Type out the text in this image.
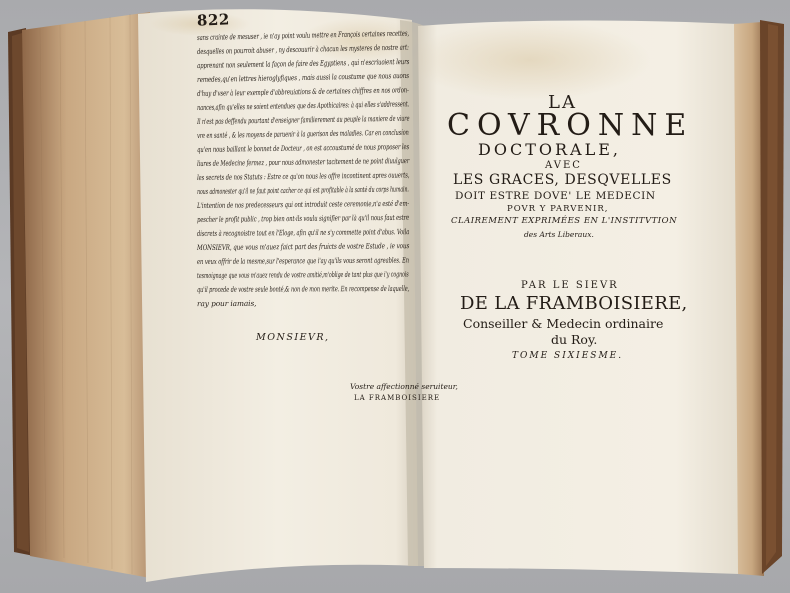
822
sans crainte de mesuser , ie n'ay point voulu mettre en François certaines recettes,
desquelles on pourroit abuser , ny descouurir à chacun les mysteres de nostre art:
apprenant non seulement la façon de faire des Egyptiens , qui n'escriuoient leurs
remedes,qu'en lettres hieroglyfiques , mais aussi la coustume que nous auons
d'huy d'vser à leur exemple d'abbreuiations & de certaines chiffres en nos ordon-
nances,afin qu'elles ne soient entendues que des Apothicaires: à qui elles s'addressent.
Il n'est pas deffendu pourtant d'enseigner familierement au peuple la maniere de viure
vre en santé , & les moyens de paruenir à la guerison des maladies. Car en conclusion
qu'en nous baillant le bonnet de Docteur , on est accoustumé de nous proposer les
liures de Medecine fermez , pour nous admonester tacitement de ne point diuulguer
les secrets de nos Statuts : Estre ce qu'on nous les offre incontinent apres ouuerts,
nous admonester qu'il ne faut point cacher ce qui est profitable à la santé du corps humain.
L'intention de nos predecesseurs qui ont introduit ceste ceremonie,n'a esté d'em-
pescher le profit public , trop bien ont-ils voulu signifier par là qu'il nous faut estre
discrets à recognoistre tout en l'Eloge, afin qu'il ne s'y commette point d'abus. Voila
MONSIEVR, que vous m'auez faict part des fruicts de vostre Estude , ie vous
en veux offrir de la mesme,sur l'esperance que i'ay qu'ils vous seront agreables. En
tesmoignage que vous m'auez rendu de vostre amitié,m'oblige de tant plus que i'y cognois
qu'il procede de vostre seule bonté,& non de mon merite. En recompense de laquelle,
ray pour iamais,
MONSIEVR,
Vostre affectionné seruiteur,
LA FRAMBOISIERE
LA
COVRONNE
DOCTORALE,
AVEC
LES GRACES, DESQVELLES
DOIT ESTRE DOVE' LE MEDECIN
POVR Y PARVENIR,
CLAIREMENT EXPRIMÉES EN L'INSTITVTION
des Arts Liberaux.
PAR LE SIEVR
DE LA FRAMBOISIERE,
Conseiller & Medecin ordinaire
du Roy.
TOME SIXIESME.
